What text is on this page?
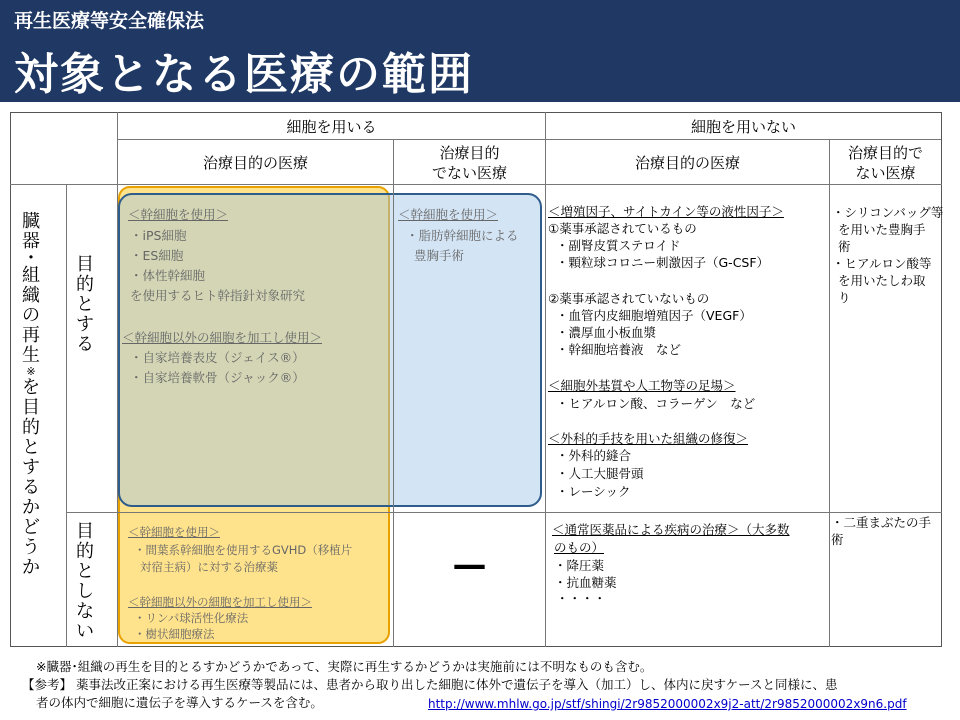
再生医療等安全確保法
対象となる医療の範囲
細胞を用いる	細胞を用いない
治療目的の医療
治療目的
でない医療
治療目的の医療
治療目的で
ない医療
臓
器
・
組
織
の
再
生
※
を
目
的
と
す
る
か
ど
う
か
目
的
と
す
る
目
的
と
し
な
い
＜幹細胞を使用＞
・iPS細胞
・ES細胞
・体性幹細胞
を使用するヒト幹指針対象研究
＜幹細胞以外の細胞を加工し使用＞
・自家培養表皮（ジェイス®）
・自家培養軟骨（ジャック®）
＜幹細胞を使用＞
・脂肪幹細胞による
豊胸手術
＜増殖因子、サイトカイン等の液性因子＞
①薬事承認されているもの
・副腎皮質ステロイド
・顆粒球コロニー刺激因子（G-CSF）
②薬事承認されていないもの
・血管内皮細胞増殖因子（VEGF）
・濃厚血小板血漿
・幹細胞培養液　など
＜細胞外基質や人工物等の足場＞
・ヒアルロン酸、コラーゲン　など
＜外科的手技を用いた組織の修復＞
・外科的縫合
・人工大腿骨頭
・レーシック
・シリコンバッグ等
を用いた豊胸手
術
・ヒアルロン酸等
を用いたしわ取
り
＜幹細胞を使用＞
・間葉系幹細胞を使用するGVHD（移植片
対宿主病）に対する治療薬
＜幹細胞以外の細胞を加工し使用＞
・リンパ球活性化療法
・樹状細胞療法
—
＜通常医薬品による疾病の治療＞（大多数
のもの）
・降圧薬
・抗血糖薬
・・・・
・二重まぶたの手
術
※臓器･組織の再生を目的とるすかどうかであって、実際に再生するかどうかは実施前には不明なものも含む。
【参考】 薬事法改正案における再生医療等製品には、患者から取り出した細胞に体外で遺伝子を導入（加工）し、体内に戻すケースと同様に、患
者の体内で細胞に遺伝子を導入するケースを含む。	http://www.mhlw.go.jp/stf/shingi/2r9852000002x9j2-att/2r9852000002x9n6.pdf
